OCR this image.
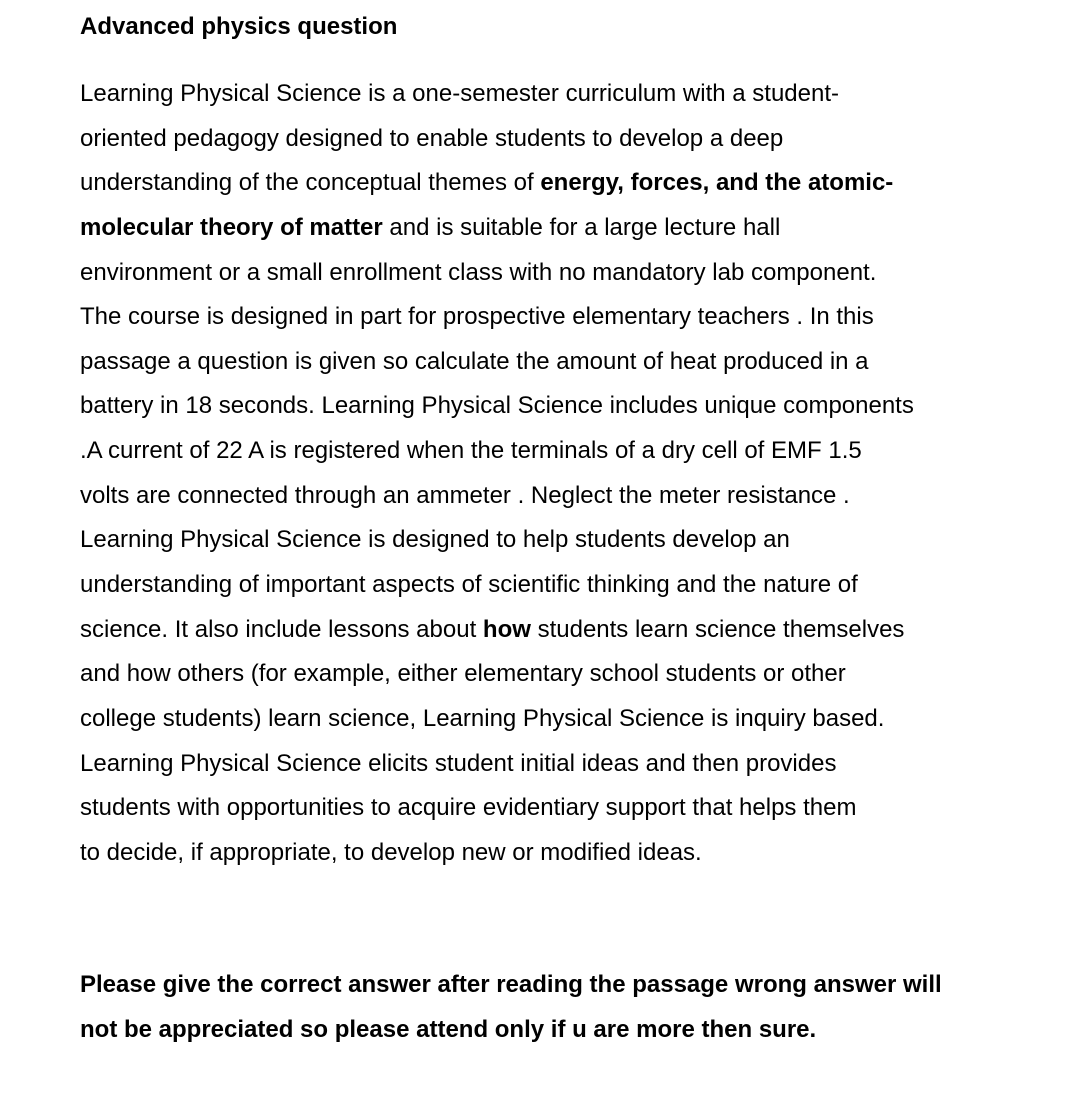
Advanced physics question
Learning Physical Science is a one-semester curriculum with a student-
oriented pedagogy designed to enable students to develop a deep
understanding of the conceptual themes of energy, forces, and the atomic-
molecular theory of matter and is suitable for a large lecture hall
environment or a small enrollment class with no mandatory lab component.
The course is designed in part for prospective elementary teachers . In this
passage a question is given so calculate the amount of heat produced in a
battery in 18 seconds. Learning Physical Science includes unique components
.A current of 22 A is registered when the terminals of a dry cell of EMF 1.5
volts are connected through an ammeter . Neglect the meter resistance .
Learning Physical Science is designed to help students develop an
understanding of important aspects of scientific thinking and the nature of
science. It also include lessons about how students learn science themselves
and how others (for example, either elementary school students or other
college students) learn science, Learning Physical Science is inquiry based.
Learning Physical Science elicits student initial ideas and then provides
students with opportunities to acquire evidentiary support that helps them
to decide, if appropriate, to develop new or modified ideas.
Please give the correct answer after reading the passage wrong answer will
not be appreciated so please attend only if u are more then sure.
